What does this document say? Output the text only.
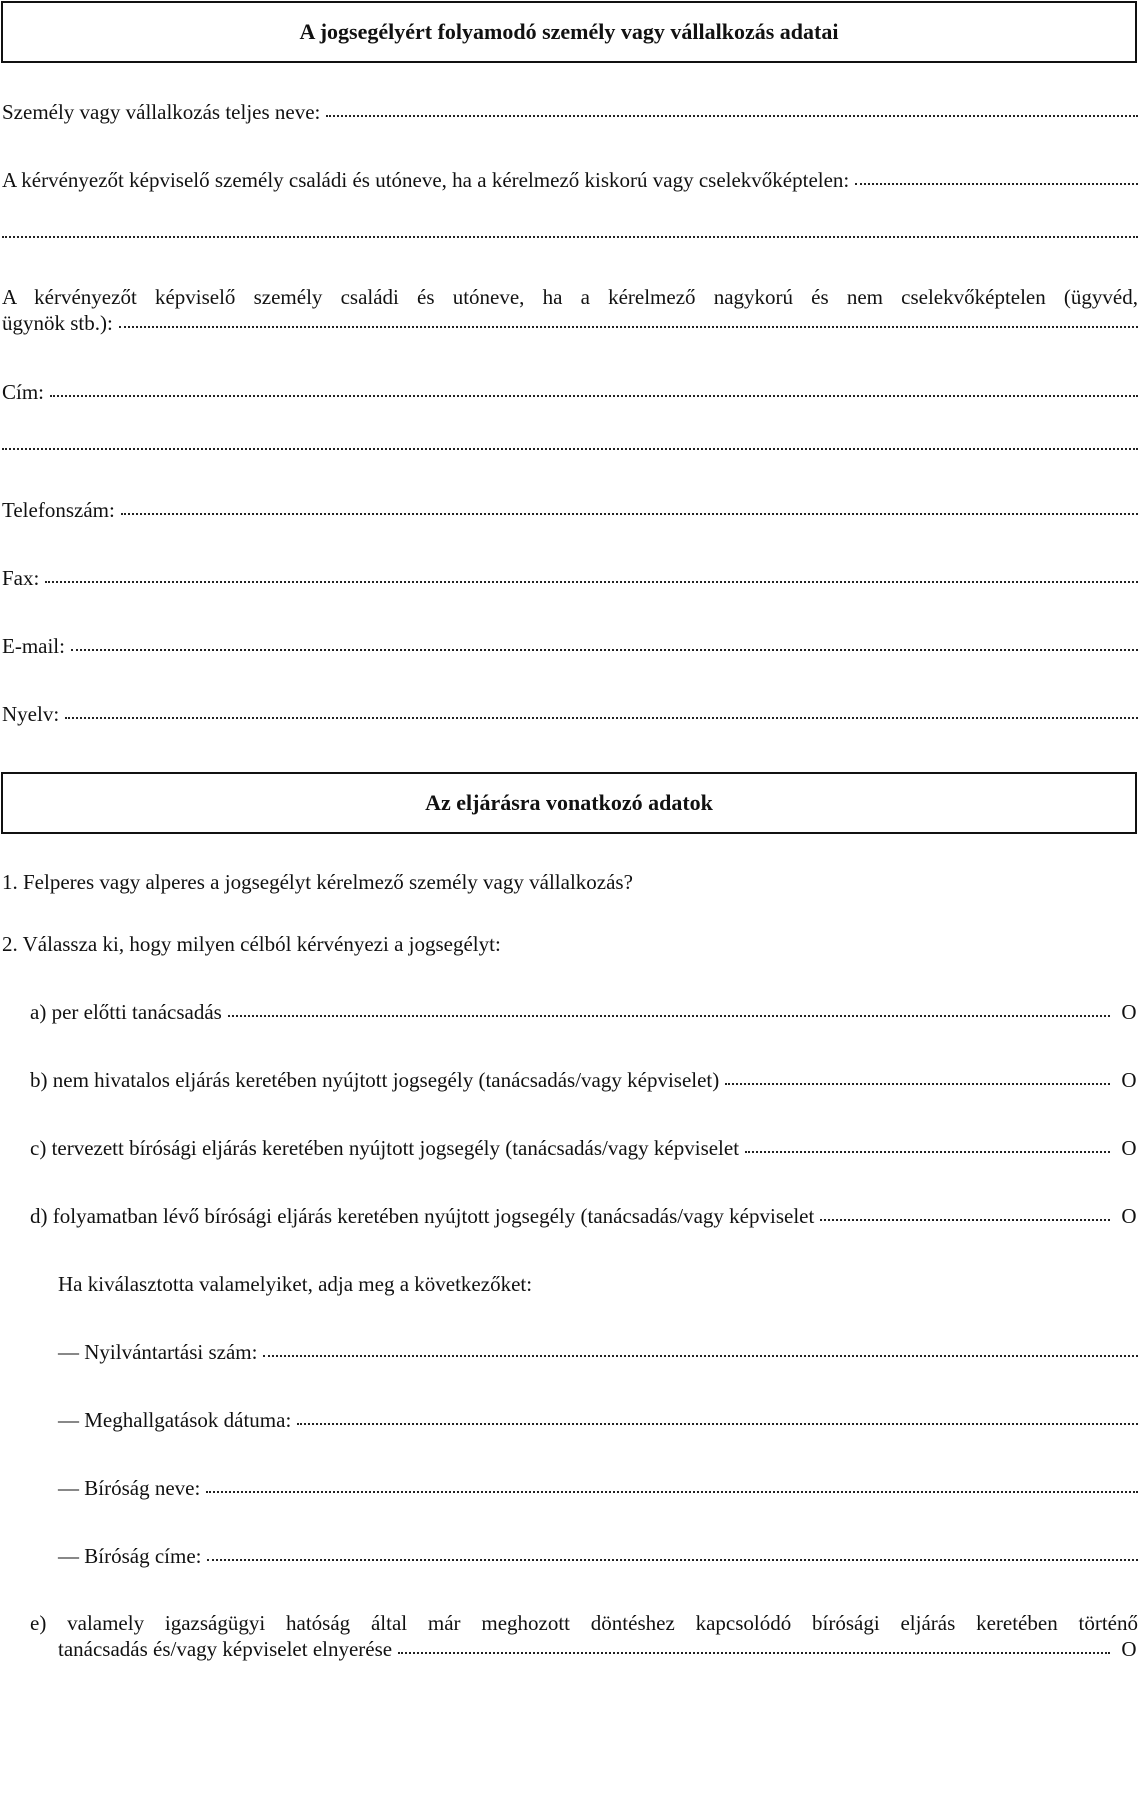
A jogsegélyért folyamodó személy vagy vállalkozás adatai
Személy vagy vállalkozás teljes neve:
A kérvényezőt képviselő személy családi és utóneve, ha a kérelmező kiskorú vagy cselekvőképtelen:
A kérvényezőt képviselő személy családi és utóneve, ha a kérelmező nagykorú és nem cselekvőképtelen (ügyvéd,
ügynök stb.):
Cím:
Telefonszám:
Fax:
E-mail:
Nyelv:
Az eljárásra vonatkozó adatok
1. Felperes vagy alperes a jogsegélyt kérelmező személy vagy vállalkozás?
2. Válassza ki, hogy milyen célból kérvényezi a jogsegélyt:
a) per előtti tanácsadás	O
b) nem hivatalos eljárás keretében nyújtott jogsegély (tanácsadás/vagy képviselet)	O
c) tervezett bírósági eljárás keretében nyújtott jogsegély (tanácsadás/vagy képviselet	O
d) folyamatban lévő bírósági eljárás keretében nyújtott jogsegély (tanácsadás/vagy képviselet	O
Ha kiválasztotta valamelyiket, adja meg a következőket:
— Nyilvántartási szám:
— Meghallgatások dátuma:
— Bíróság neve:
— Bíróság címe:
e) valamely igazságügyi hatóság által már meghozott döntéshez kapcsolódó bírósági eljárás keretében történő
tanácsadás és/vagy képviselet elnyerése	O
